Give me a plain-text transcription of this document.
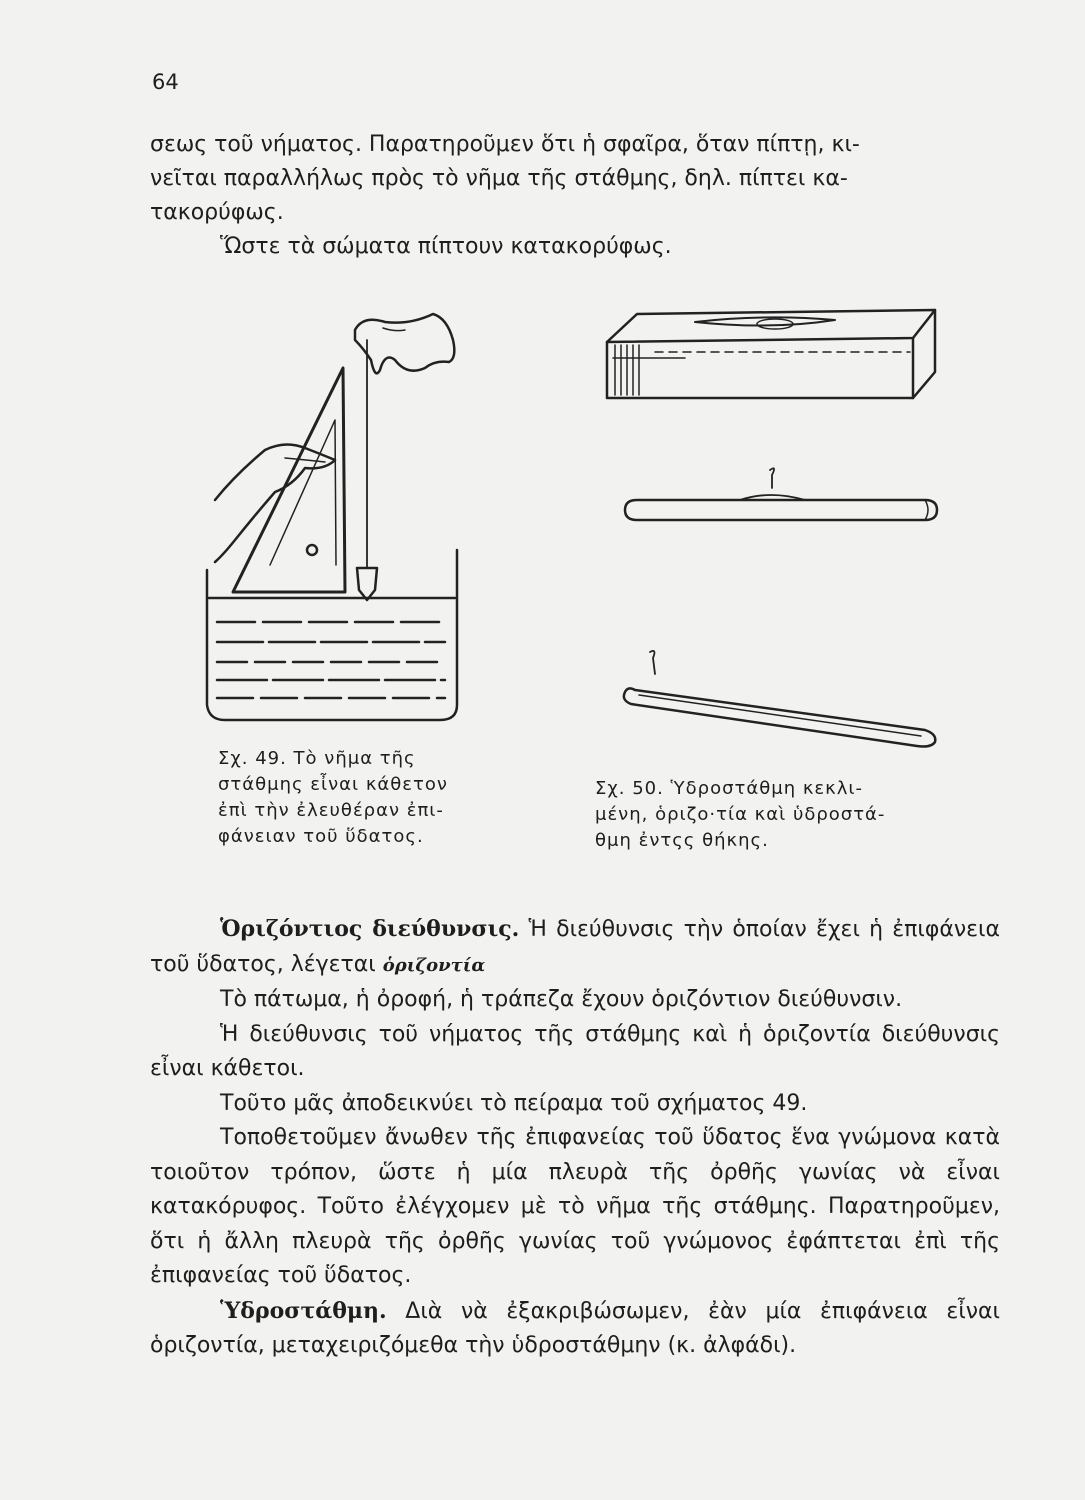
64

σεως τοῦ νήματος. Παρατηροῦμεν ὅτι ἡ σφαῖρα, ὅταν πίπτῃ, κι-

νεῖται παραλλήλως πρὸς τὸ νῆμα τῆς στάθμης, δηλ. πίπτει κα-

τακορύφως.

Ὥστε τὰ σώματα πίπτουν κατακορύφως.

Σχ. 49. Τὸ νῆμα τῆς
στάθμης εἶναι κάθετον
ἐπὶ τὴν ἐλευθέραν ἐπι-
φάνειαν τοῦ ὕδατος.
Σχ. 50. Ὑδροστάθμη κεκλι-
μένη, ὁριζο·τία καὶ ὑδροστά-
θμη ἐντςς θήκης.

Ὁριζόντιος διεύθυνσις. Ἡ διεύθυνσις τὴν ὁποίαν ἔχει ἡ ἐπιφάνεια τοῦ ὕδατος, λέγεται ὁριζοντία

Τὸ πάτωμα, ἡ ὀροφή, ἡ τράπεζα ἔχουν ὁριζόντιον διεύθυνσιν.

Ἡ διεύθυνσις τοῦ νήματος τῆς στάθμης καὶ ἡ ὁριζοντία διεύθυνσις εἶναι κάθετοι.

Τοῦτο μᾶς ἀποδεικνύει τὸ πείραμα τοῦ σχήματος 49.

Τοποθετοῦμεν ἄνωθεν τῆς ἐπιφανείας τοῦ ὕδατος ἕνα γνώμονα κατὰ τοιοῦτον τρόπον, ὥστε ἡ μία πλευρὰ τῆς ὀρθῆς γωνίας νὰ εἶναι κατακόρυφος. Τοῦτο ἐλέγχομεν μὲ τὸ νῆμα τῆς στάθμης. Παρατηροῦμεν, ὅτι ἡ ἄλλη πλευρὰ τῆς ὀρθῆς γωνίας τοῦ γνώμονος ἐφάπτεται ἐπὶ τῆς ἐπιφανείας τοῦ ὕδατος.

Ὑδροστάθμη. Διὰ νὰ ἐξακριβώσωμεν, ἐὰν μία ἐπιφάνεια εἶναι ὁριζοντία, μεταχειριζόμεθα τὴν ὑδροστάθμην (κ. ἀλφάδι).
